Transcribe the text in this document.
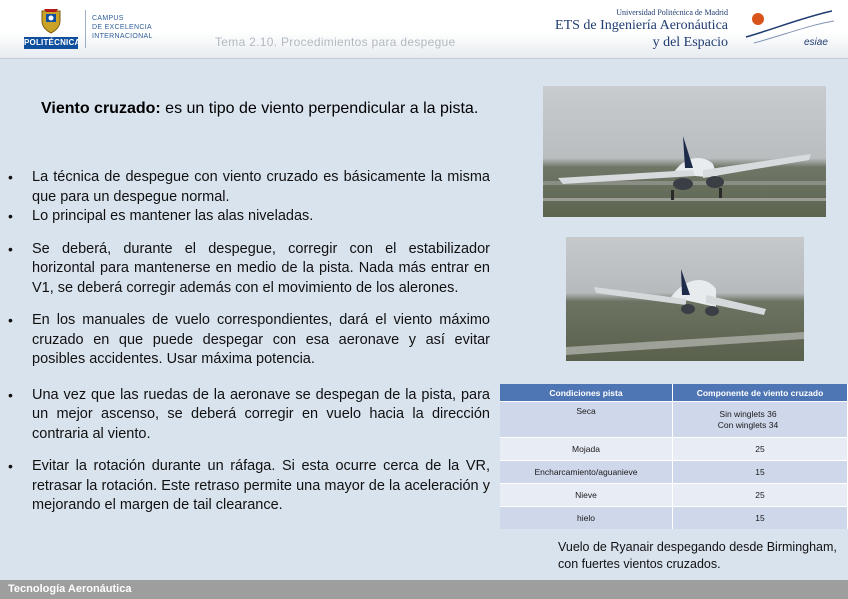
POLITÉCNICA
CAMPUS
DE EXCELENCIA
INTERNACIONAL	Tema 2.10. Procedimientos para despegue
Universidad Politécnica de Madrid
ETS de Ingeniería Aeronáutica
y del Espacio	esiae
Viento cruzado: es un tipo de viento perpendicular a la pista.
• La técnica de despegue con viento cruzado es básicamente la misma que para un despegue normal.
• Lo principal es mantener las alas niveladas.
• Se deberá, durante el despegue, corregir con el estabilizador horizontal para mantenerse en medio de la pista. Nada más entrar en V1, se deberá corregir además con el movimiento de los alerones.
• En los manuales de vuelo correspondientes, dará el viento máximo cruzado en que puede despegar con esa aeronave y así evitar posibles accidentes. Usar máxima potencia.
• Una vez que las ruedas de la aeronave se despegan de la pista, para un mejor ascenso, se deberá corregir en vuelo hacia la dirección contraria al viento.
• Evitar la rotación durante un ráfaga. Si esta ocurre cerca de la VR, retrasar la rotación. Este retraso permite una mayor de la aceleración y mejorando el margen de tail clearance.
Condiciones pista	Componente de viento cruzado
Seca	Sin winglets 36
Con winglets 34

Mojada	25
Encharcamiento/aguanieve	15
Nieve	25
hielo	15
Vuelo de Ryanair despegando desde Birmingham, con fuertes vientos cruzados.
Tecnología Aeronáutica
